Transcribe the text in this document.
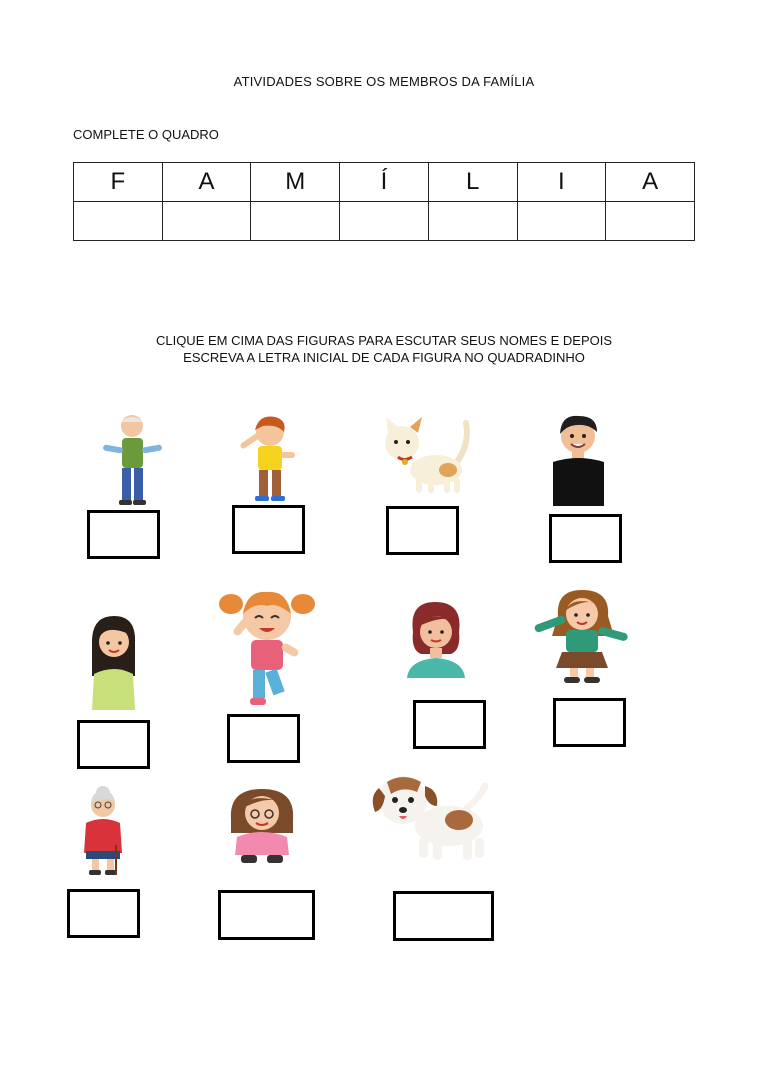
ATIVIDADES SOBRE OS MEMBROS DA FAMÍLIA
COMPLETE O QUADRO
F	A	M	Í	L	I	A

CLIQUE EM CIMA DAS FIGURAS PARA ESCUTAR SEUS NOMES E DEPOIS
ESCREVA A LETRA INICIAL DE CADA FIGURA NO QUADRADINHO
